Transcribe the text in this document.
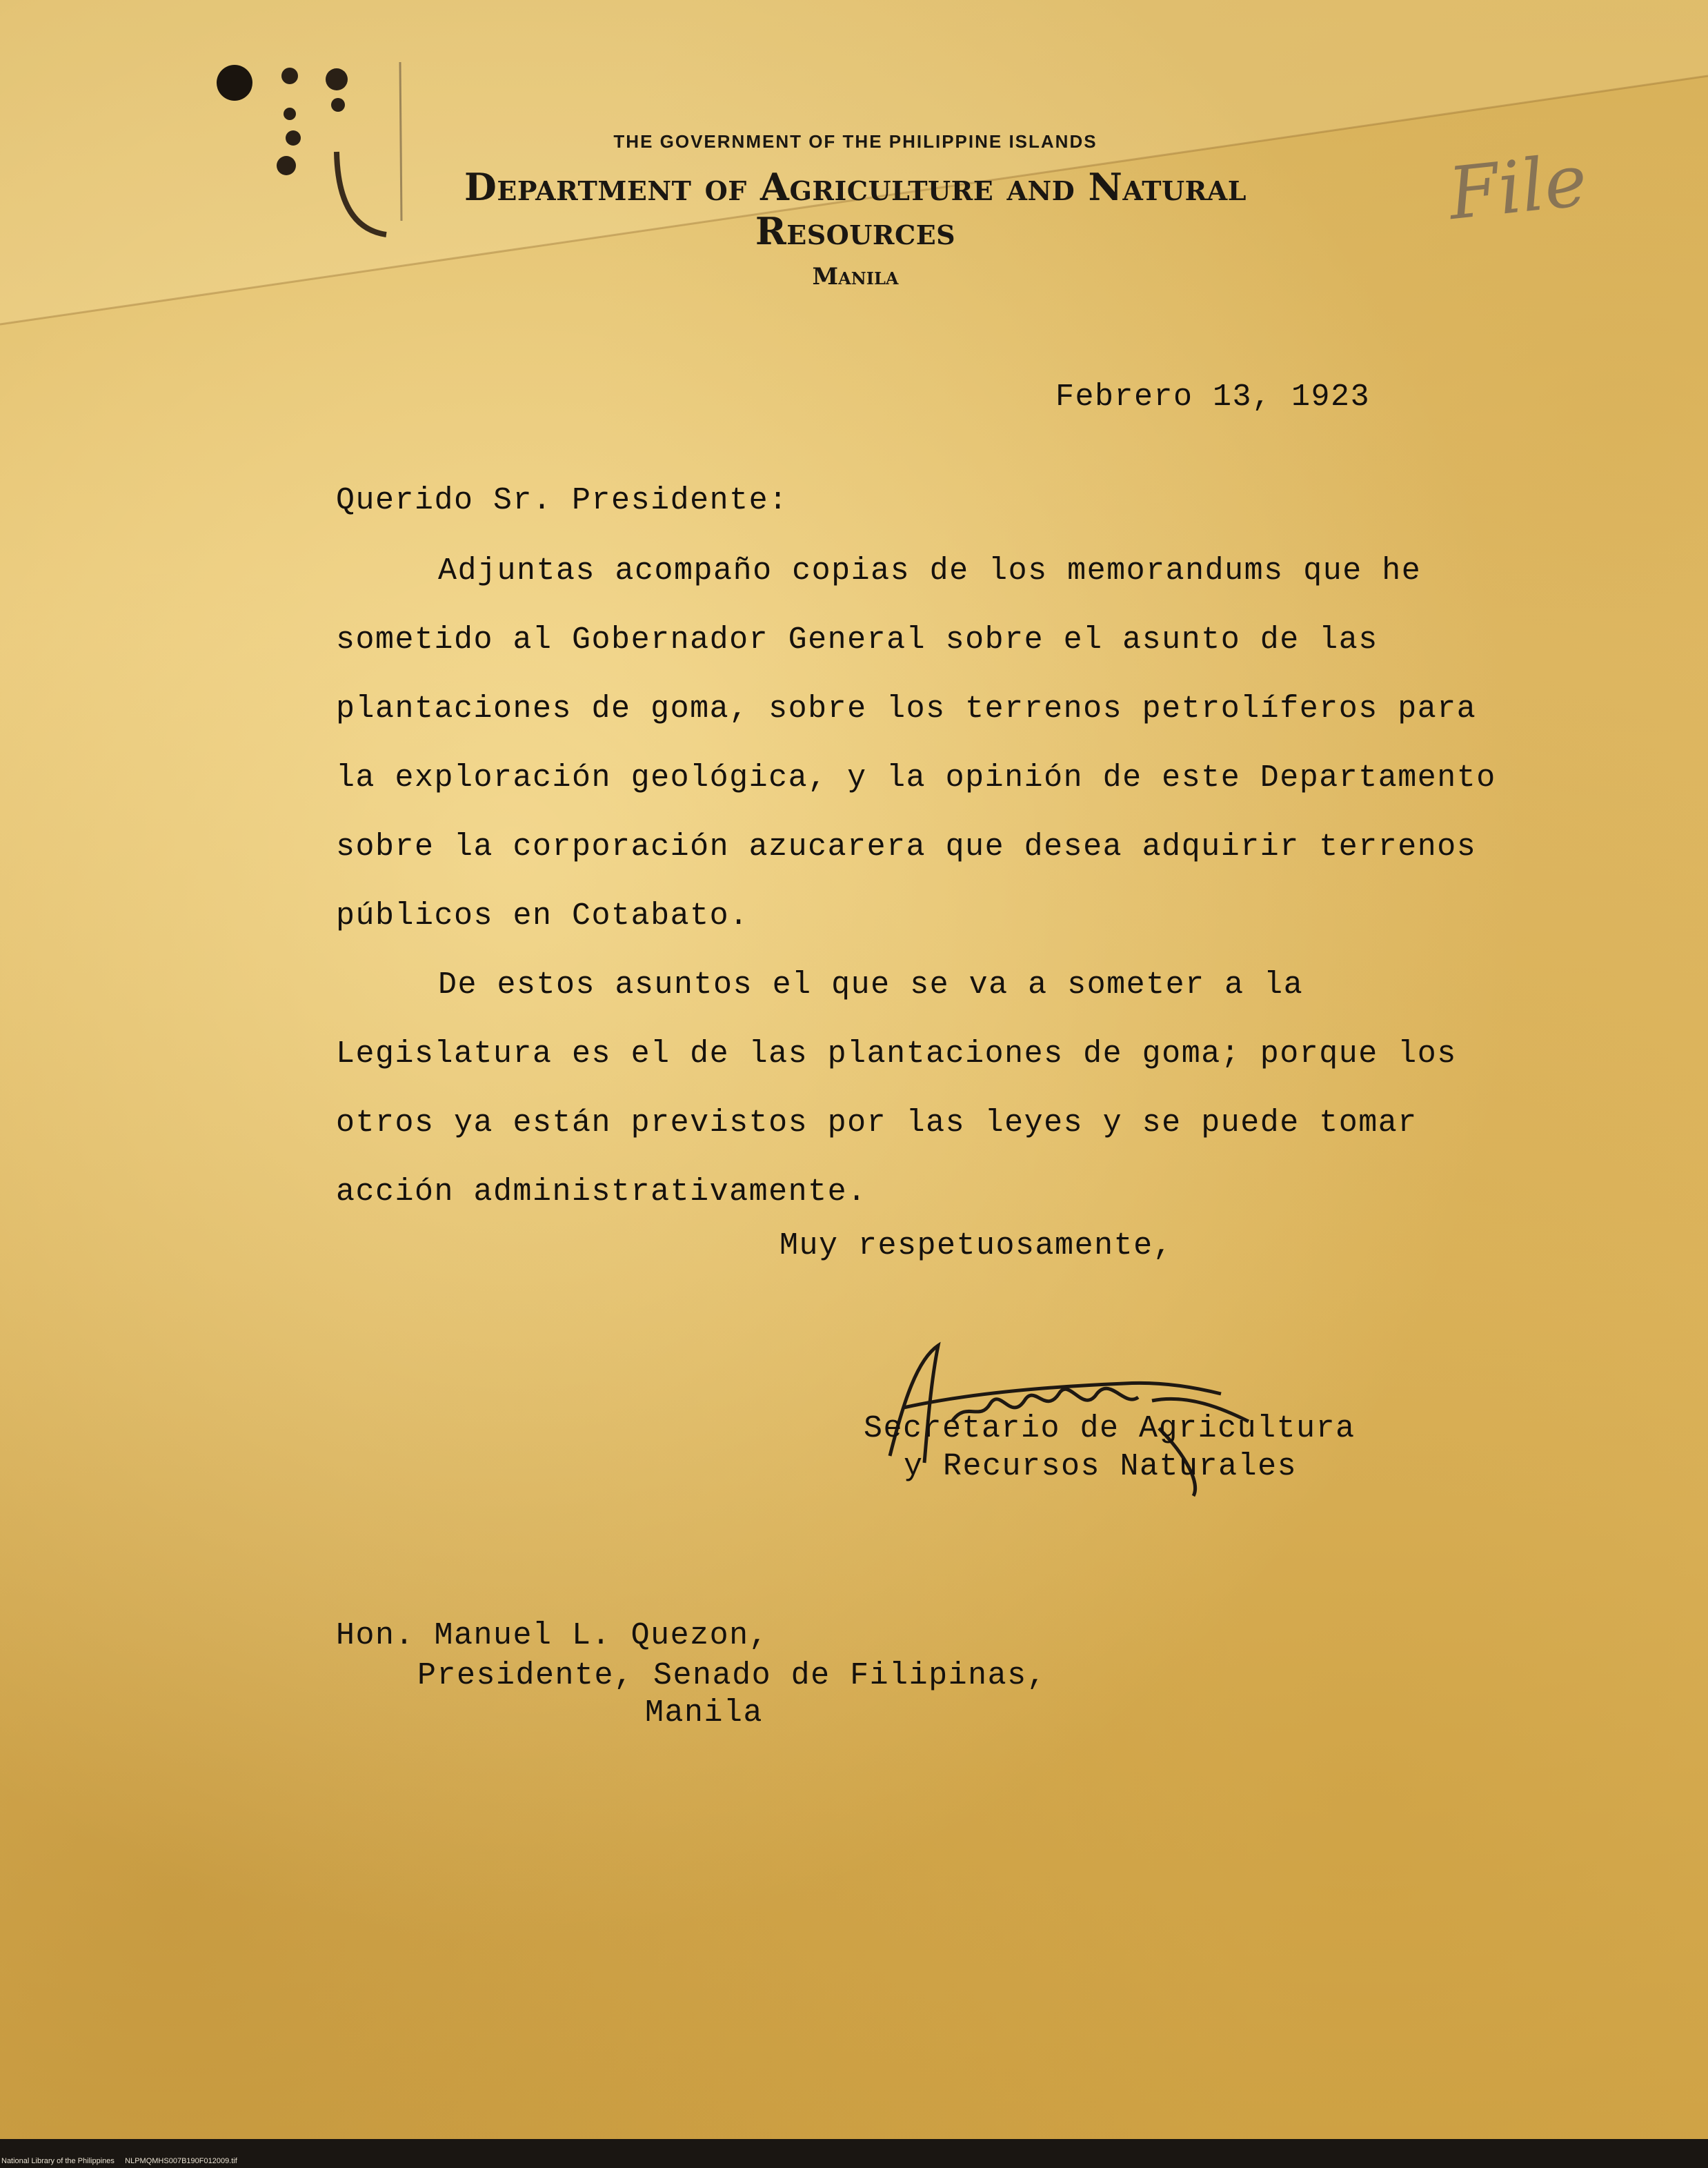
File
THE GOVERNMENT OF THE PHILIPPINE ISLANDS
Department of Agriculture and Natural Resources
Manila
Febrero 13, 1923
Querido Sr. Presidente:
Adjuntas acompaño copias de los memorandums que he sometido al Gobernador General sobre el asunto de las plantaciones de goma, sobre los terrenos petrolíferos para la exploración geológica, y la opinión de este Departamento sobre la corporación azucarera que desea adquirir terrenos públicos en Cotabato.
De estos asuntos el que se va a someter a la Legislatura es el de las plantaciones de goma; porque los otros ya están previstos por las leyes y se puede tomar acción administrativamente.
Muy respetuosamente,
Secretario de Agricultura
y Recursos Naturales
Hon. Manuel L. Quezon,
Presidente, Senado de Filipinas,
Manila
National Library of the Philippines     NLPMQMHS007B190F012009.tif
